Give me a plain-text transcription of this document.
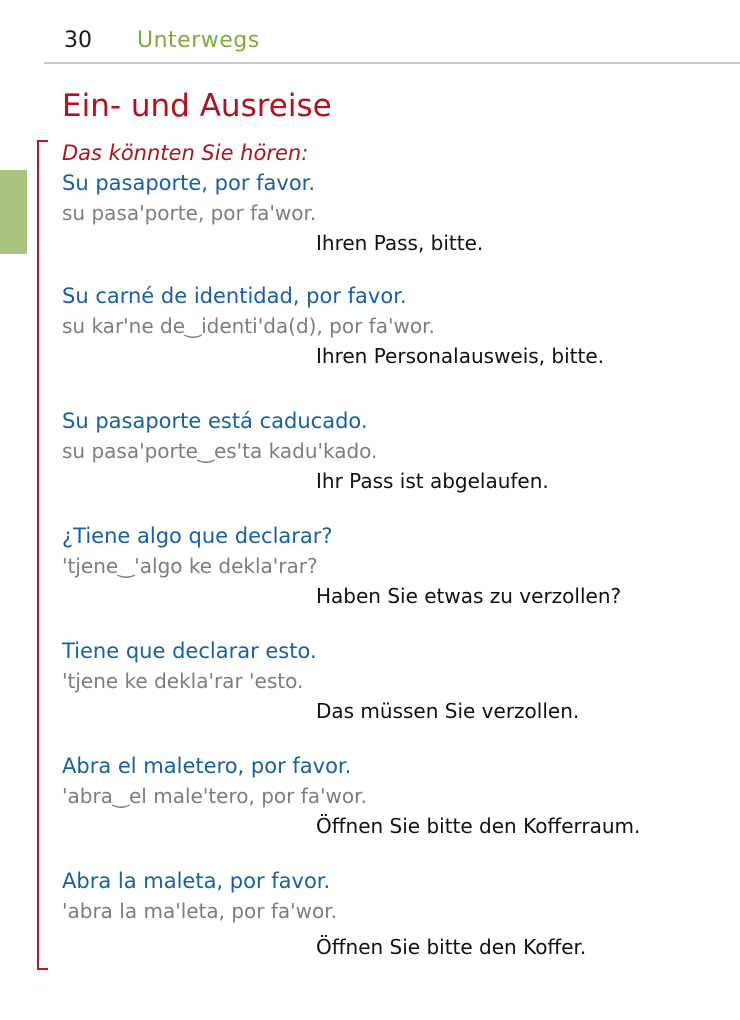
30 Unterwegs
Ein- und Ausreise
Das könnten Sie hören:
Su pasaporte, por favor.
su pasa'porte, por fa'wor.
Ihren Pass, bitte.
Su carné de identidad, por favor.
su kar'ne de‿identi'da(d), por fa'wor.
Ihren Personalausweis, bitte.
Su pasaporte está caducado.
su pasa'porte‿es'ta kadu'kado.
Ihr Pass ist abgelaufen.
¿Tiene algo que declarar?
'tjene‿'algo ke dekla'rar?
Haben Sie etwas zu verzollen?
Tiene que declarar esto.
'tjene ke dekla'rar 'esto.
Das müssen Sie verzollen.
Abra el maletero, por favor.
'abra‿el male'tero, por fa'wor.
Öffnen Sie bitte den Kofferraum.
Abra la maleta, por favor.
'abra la ma'leta, por fa'wor.
Öffnen Sie bitte den Koffer.
